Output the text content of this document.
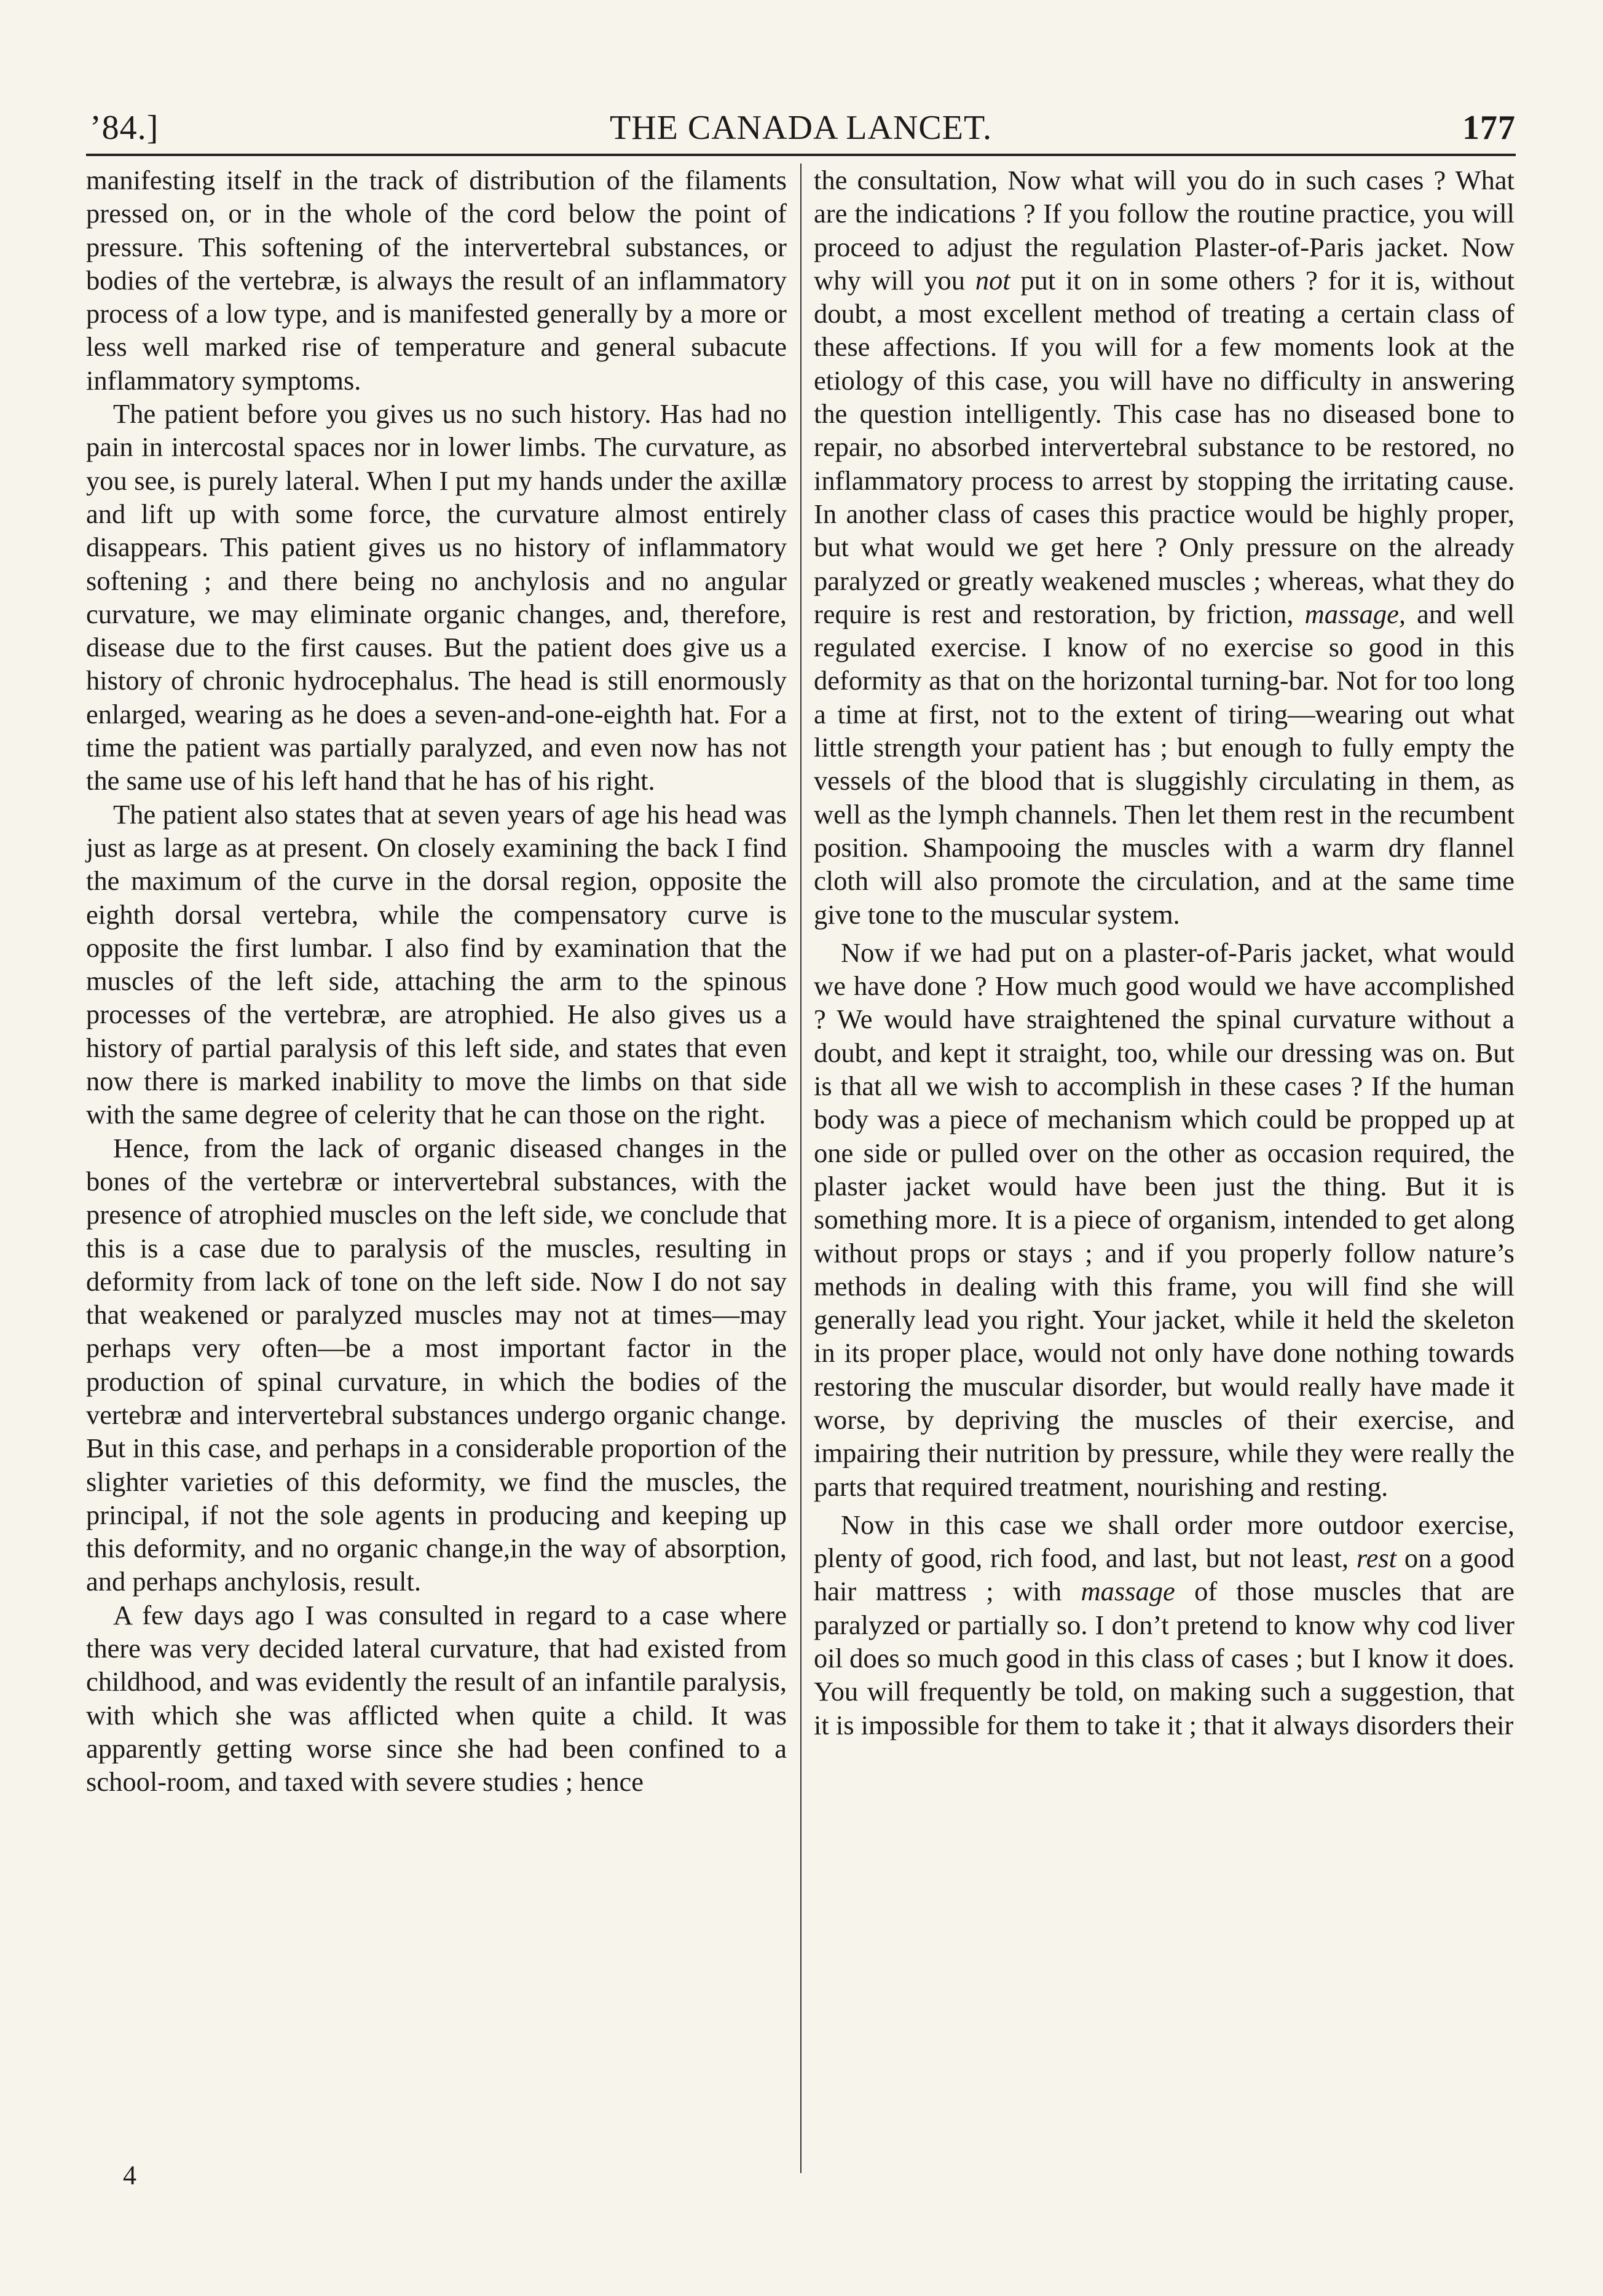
’84.]	THE CANADA LANCET.	177

manifesting itself in the track of distribution of the filaments pressed on, or in the whole of the cord below the point of pressure. This softening of the intervertebral substances, or bodies of the vertebræ, is always the result of an inflammatory process of a low type, and is manifested generally by a more or less well marked rise of temperature and general subacute inflammatory symptoms.

The patient before you gives us no such history. Has had no pain in intercostal spaces nor in lower limbs. The curvature, as you see, is purely lateral. When I put my hands under the axillæ and lift up with some force, the curvature almost entirely disappears. This patient gives us no history of inflammatory softening ; and there being no anchylosis and no angular curvature, we may eliminate organic changes, and, therefore, disease due to the first causes. But the patient does give us a history of chronic hydrocephalus. The head is still enormously enlarged, wearing as he does a seven-and-one-eighth hat. For a time the patient was partially paralyzed, and even now has not the same use of his left hand that he has of his right.

The patient also states that at seven years of age his head was just as large as at present. On closely examining the back I find the maximum of the curve in the dorsal region, opposite the eighth dorsal vertebra, while the compensatory curve is opposite the first lumbar. I also find by examination that the muscles of the left side, attaching the arm to the spinous processes of the vertebræ, are atrophied. He also gives us a history of partial paralysis of this left side, and states that even now there is marked inability to move the limbs on that side with the same degree of celerity that he can those on the right.

Hence, from the lack of organic diseased changes in the bones of the vertebræ or intervertebral substances, with the presence of atrophied muscles on the left side, we conclude that this is a case due to paralysis of the muscles, resulting in deformity from lack of tone on the left side. Now I do not say that weakened or paralyzed muscles may not at times—may perhaps very often—be a most important factor in the production of spinal curvature, in which the bodies of the vertebræ and intervertebral substances undergo organic change. But in this case, and perhaps in a considerable proportion of the slighter varieties of this deformity, we find the muscles, the principal, if not the sole agents in producing and keeping up this deformity, and no organic change,in the way of absorption, and perhaps anchylosis, result.

A few days ago I was consulted in regard to a case where there was very decided lateral curvature, that had existed from childhood, and was evidently the result of an infantile paralysis, with which she was afflicted when quite a child. It was apparently getting worse since she had been confined to a school-room, and taxed with severe studies ; hence

the consultation, Now what will you do in such cases ? What are the indications ? If you follow the routine practice, you will proceed to adjust the regulation Plaster-of-Paris jacket. Now why will you not put it on in some others ? for it is, without doubt, a most excellent method of treating a certain class of these affections. If you will for a few moments look at the etiology of this case, you will have no difficulty in answering the question intelligently. This case has no diseased bone to repair, no absorbed intervertebral substance to be restored, no inflammatory process to arrest by stopping the irritating cause. In another class of cases this practice would be highly proper, but what would we get here ? Only pressure on the already paralyzed or greatly weakened muscles ; whereas, what they do require is rest and restoration, by friction, massage, and well regulated exercise. I know of no exercise so good in this deformity as that on the horizontal turning-bar. Not for too long a time at first, not to the extent of tiring—wearing out what little strength your patient has ; but enough to fully empty the vessels of the blood that is sluggishly circulating in them, as well as the lymph channels. Then let them rest in the recumbent position. Shampooing the muscles with a warm dry flannel cloth will also promote the circulation, and at the same time give tone to the muscular system.

Now if we had put on a plaster-of-Paris jacket, what would we have done ? How much good would we have accomplished ? We would have straightened the spinal curvature without a doubt, and kept it straight, too, while our dressing was on. But is that all we wish to accomplish in these cases ? If the human body was a piece of mechanism which could be propped up at one side or pulled over on the other as occasion required, the plaster jacket would have been just the thing. But it is something more. It is a piece of organism, intended to get along without props or stays ; and if you properly follow nature’s methods in dealing with this frame, you will find she will generally lead you right. Your jacket, while it held the skeleton in its proper place, would not only have done nothing towards restoring the muscular disorder, but would really have made it worse, by depriving the muscles of their exercise, and impairing their nutrition by pressure, while they were really the parts that required treatment, nourishing and resting.

Now in this case we shall order more outdoor exercise, plenty of good, rich food, and last, but not least, rest on a good hair mattress ; with massage of those muscles that are paralyzed or partially so. I don’t pretend to know why cod liver oil does so much good in this class of cases ; but I know it does. You will frequently be told, on making such a suggestion, that it is impossible for them to take it ; that it always disorders their

4
